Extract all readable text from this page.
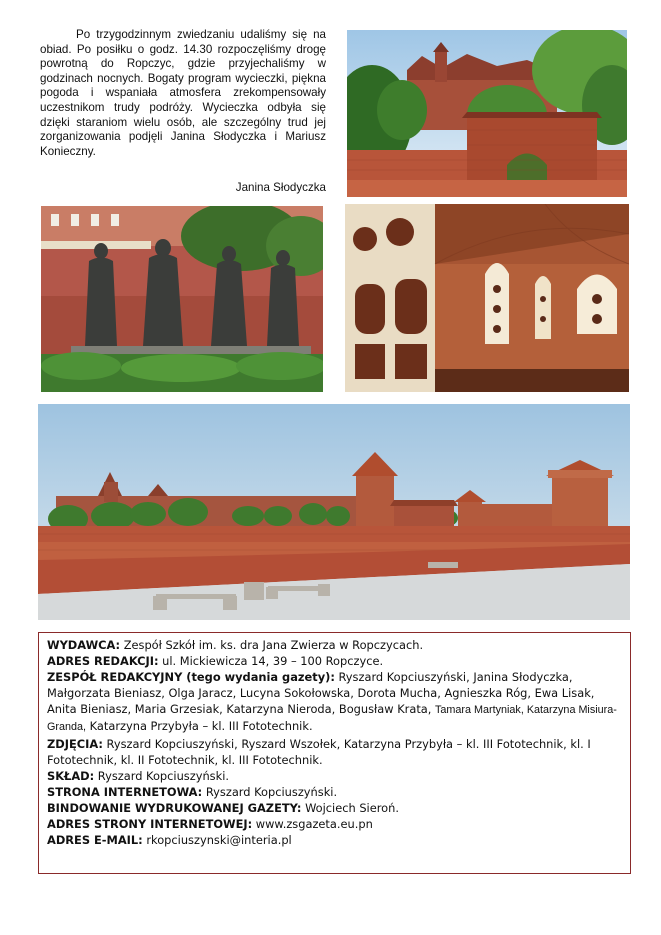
Po trzygodzinnym zwiedzaniu udaliśmy się na obiad. Po posiłku o godz. 14.30 rozpoczęliśmy drogę powrotną do Ropczyc, gdzie przyjechaliśmy w godzinach nocnych. Bogaty program wycieczki, piękna pogoda i wspaniała atmosfera zrekompensowały uczestnikom trudy podróży. Wycieczka odbyła się dzięki staraniom wielu osób, ale szczególny trud jej zorganizowania podjęli Janina Słodyczka i Mariusz Konieczny.
Janina Słodyczka

WYDAWCA: Zespół Szkół im. ks. dra Jana Zwierza w Ropczycach.

ADRES REDAKCJI: ul. Mickiewicza 14, 39 – 100 Ropczyce.

ZESPÓŁ REDAKCYJNY (tego wydania gazety): Ryszard Kopciuszyński, Janina Słodyczka, Małgorzata Bieniasz, Olga Jaracz, Lucyna Sokołowska, Dorota Mucha, Agnieszka Róg, Ewa Lisak, Anita Bieniasz, Maria Grzesiak, Katarzyna Nieroda, Bogusław Krata, Tamara Martyniak, Katarzyna Misiura-Granda, Katarzyna Przybyła – kl. III Fototechnik.

ZDJĘCIA: Ryszard Kopciuszyński, Ryszard Wszołek, Katarzyna Przybyła – kl. III Fototechnik, kl. I Fototechnik, kl. II Fototechnik, kl. III Fototechnik.

SKŁAD: Ryszard Kopciuszyński.

STRONA INTERNETOWA: Ryszard Kopciuszyński.

BINDOWANIE WYDRUKOWANEJ GAZETY: Wojciech Sieroń.

ADRES STRONY INTERNETOWEJ: www.zsgazeta.eu.pn

ADRES E-MAIL: rkopciuszynski@interia.pl
